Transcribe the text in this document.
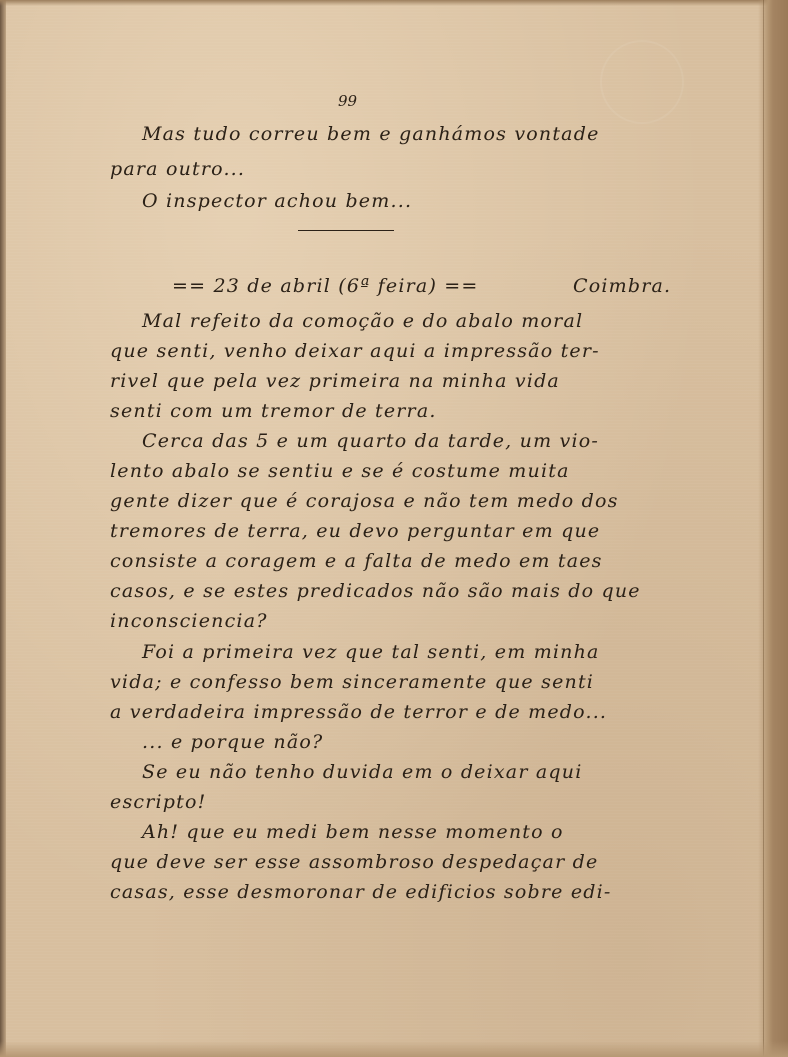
99
Mas tudo correu bem e ganhámos vontade
para outro...
O inspector achou bem...
== 23 de abril (6ª feira) ==	Coimbra.
Mal refeito da comoção e do abalo moral
que senti, venho deixar aqui a impressão ter-
rivel que pela vez primeira na minha vida
senti com um tremor de terra.
Cerca das 5 e um quarto da tarde, um vio-
lento abalo se sentiu e se é costume muita
gente dizer que é corajosa e não tem medo dos
tremores de terra, eu devo perguntar em que
consiste a coragem e a falta de medo em taes
casos, e se estes predicados não são mais do que
inconsciencia?
Foi a primeira vez que tal senti, em minha
vida; e confesso bem sinceramente que senti
a verdadeira impressão de terror e de medo...
... e porque não?
Se eu não tenho duvida em o deixar aqui
escripto!
Ah! que eu medi bem nesse momento o
que deve ser esse assombroso despedaçar de
casas, esse desmoronar de edificios sobre edi-
